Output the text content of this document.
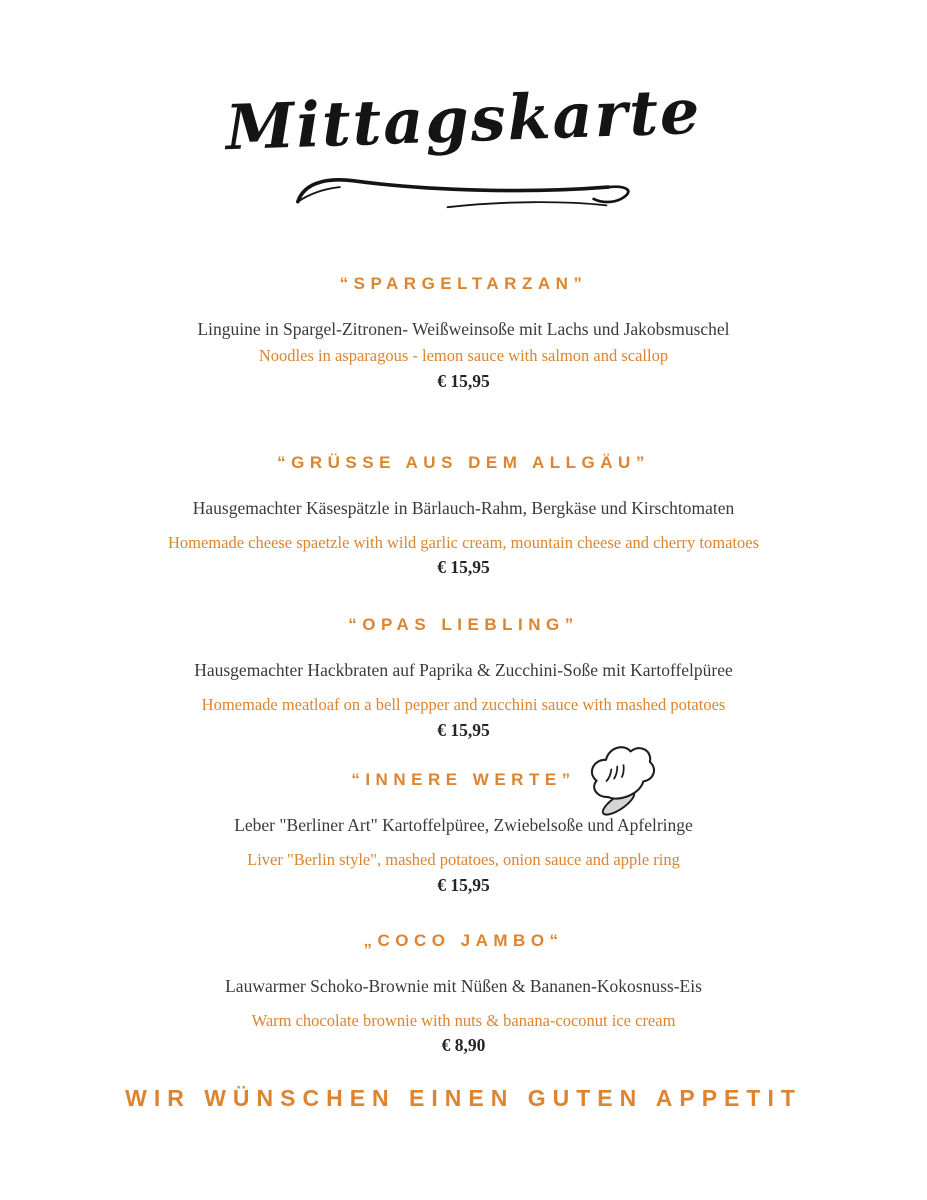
Mittagskarte
“SPARGELTARZAN”

Linguine in Spargel-Zitronen- Weißweinsoße mit Lachs und Jakobsmuschel

Noodles in asparagous - lemon sauce with salmon and scallop

€ 15,95

“GRÜSSE AUS DEM ALLGÄU”

Hausgemachter Käsespätzle in Bärlauch-Rahm, Bergkäse und Kirschtomaten

Homemade cheese spaetzle with wild garlic cream, mountain cheese and cherry tomatoes

€ 15,95

“OPAS LIEBLING”

Hausgemachter Hackbraten auf Paprika & Zucchini-Soße mit Kartoffelpüree

Homemade meatloaf on a bell pepper and zucchini sauce with mashed potatoes

€ 15,95

“INNERE WERTE”

Leber "Berliner Art" Kartoffelpüree, Zwiebelsoße und Apfelringe

Liver "Berlin style", mashed potatoes, onion sauce and apple ring

€ 15,95

„COCO JAMBO“

Lauwarmer Schoko-Brownie mit Nüßen & Bananen-Kokosnuss-Eis

Warm chocolate brownie with nuts & banana-coconut ice cream

€ 8,90

WIR WÜNSCHEN EINEN GUTEN APPETIT
